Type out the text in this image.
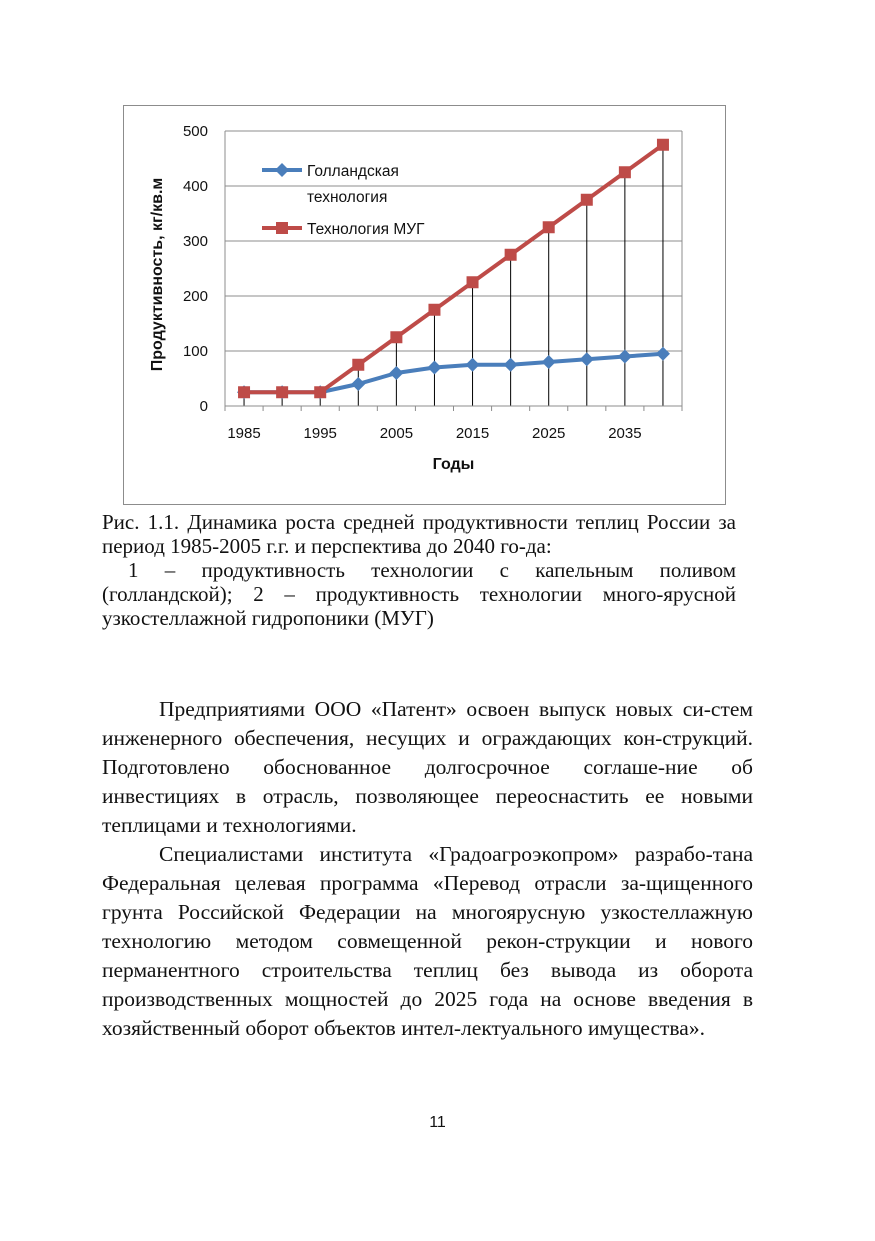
0
100
200
300
400
500
1985	1995	2005	2015	2025	2035
Голландская
технология
Технология МУГ
Годы
Продуктивность, кг/кв.м

Рис. 1.1. Динамика роста средней продуктивности теплиц России за период 1985-2005 г.г. и перспектива до 2040 го-да:

1 – продуктивность технологии с капельным поливом (голландской); 2 – продуктивность технологии много-ярусной узкостеллажной гидропоники (МУГ)

Предприятиями ООО «Патент» освоен выпуск новых си-стем инженерного обеспечения, несущих и ограждающих кон-струкций. Подготовлено обоснованное долгосрочное соглаше-ние об инвестициях в отрасль, позволяющее переоснастить ее новыми теплицами и технологиями.

Специалистами института «Градоагроэкопром» разрабо-тана Федеральная целевая программа «Перевод отрасли за-щищенного грунта Российской Федерации на многоярусную узкостеллажную технологию методом совмещенной рекон-струкции и нового перманентного строительства теплиц без вывода из оборота производственных мощностей до 2025 года на основе введения в хозяйственный оборот объектов интел-лектуального имущества».

11
